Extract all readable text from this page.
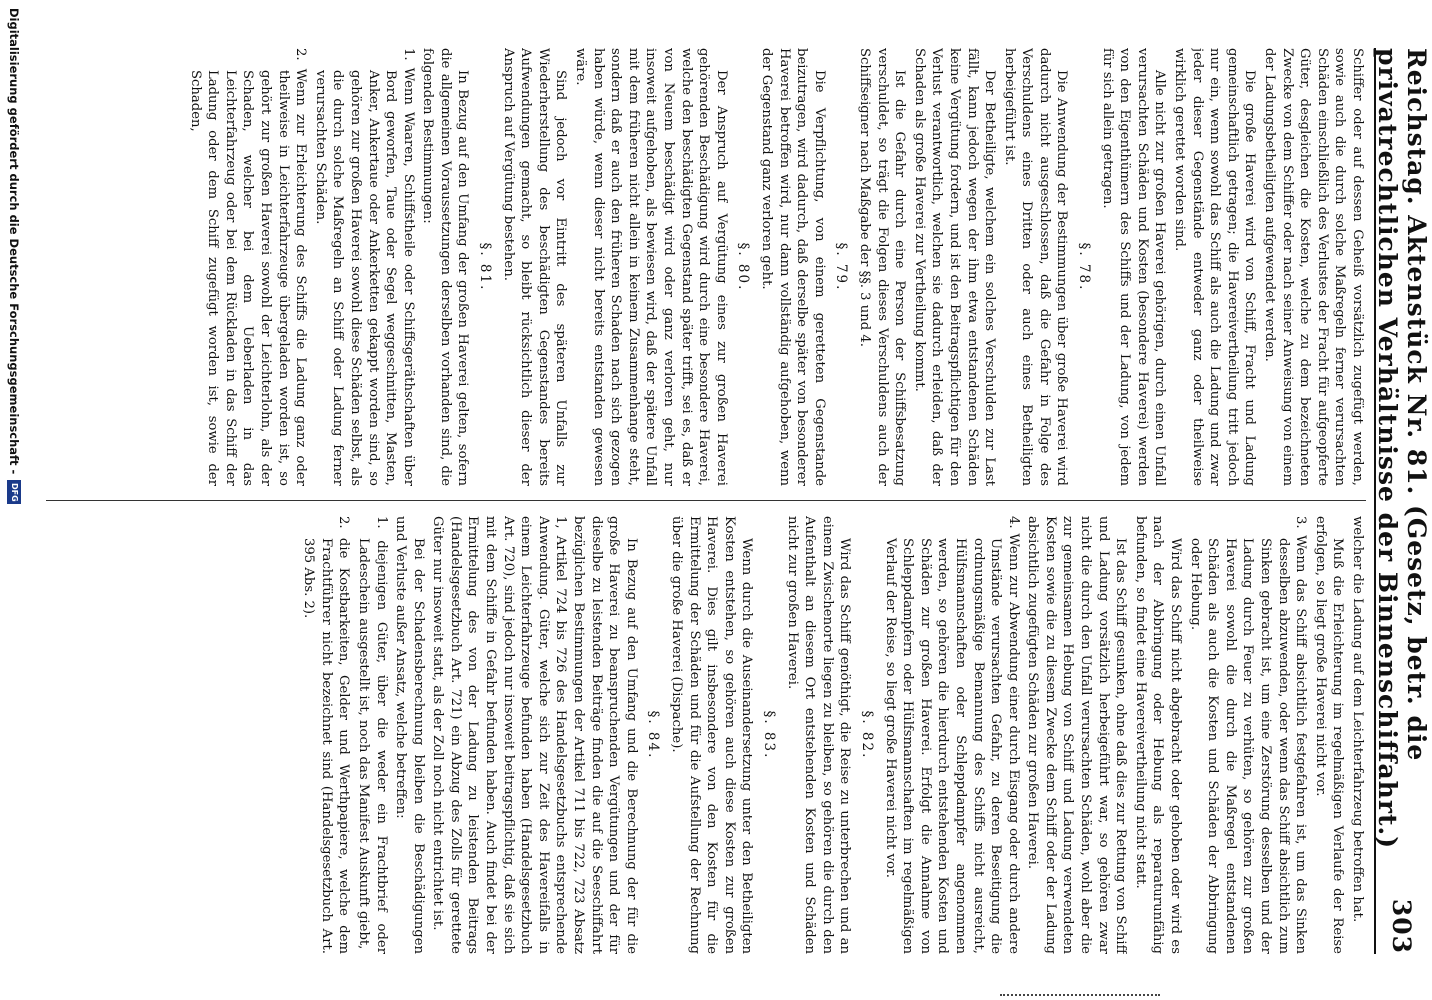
Reichstag. Aktenstück Nr. 81. (Gesetz, betr. die privatrechtlichen Verhältnisse der Binnenschiffahrt.)
303

Schiffer oder auf dessen Geheiß vorsätzlich zugefügt werden, sowie auch die durch solche Maßregeln ferner verursachten Schäden einschließlich des Verlustes der Fracht für aufgeopferte Güter, desgleichen die Kosten, welche zu dem bezeichneten Zwecke von dem Schiffer oder nach seiner Anweisung von einem der Ladungsbetheiligten aufgewendet werden.

Die große Haverei wird von Schiff, Fracht und Ladung gemeinschaftlich getragen; die Havereivertheilung tritt jedoch nur ein, wenn sowohl das Schiff als auch die Ladung und zwar jeder dieser Gegenstände entweder ganz oder theilweise wirklich gerettet worden sind.

Alle nicht zur großen Haverei gehörigen, durch einen Unfall verursachten Schäden und Kosten (besondere Haverei) werden von den Eigenthümern des Schiffs und der Ladung, von jedem für sich allein getragen.

§. 78.

Die Anwendung der Bestimmungen über große Haverei wird dadurch nicht ausgeschlossen, daß die Gefahr in Folge des Verschuldens eines Dritten oder auch eines Betheiligten herbeigeführt ist.

Der Betheiligte, welchem ein solches Verschulden zur Last fällt, kann jedoch wegen der ihm etwa entstandenen Schäden keine Vergütung fordern, und ist den Beitragspflichtigen für den Verlust verantwortlich, welchen sie dadurch erleiden, daß der Schaden als große Haverei zur Vertheilung kommt.

Ist die Gefahr durch eine Person der Schiffsbesatzung verschuldet, so trägt die Folgen dieses Verschuldens auch der Schiffseigner nach Maßgabe der §§. 3 und 4.

§. 79.

Die Verpflichtung, von einem geretteten Gegenstande beizutragen, wird dadurch, daß derselbe später von besonderer Haverei betroffen wird, nur dann vollständig aufgehoben, wenn der Gegenstand ganz verloren geht.

§. 80.

Der Anspruch auf Vergütung eines zur großen Haverei gehörenden Beschädigung wird durch eine besondere Haverei, welche den beschädigten Gegenstand später trifft, sei es, daß er von Neuem beschädigt wird oder ganz verloren geht, nur insoweit aufgehoben, als bewiesen wird, daß der spätere Unfall mit dem früheren nicht allein in keinem Zusammenhange steht, sondern daß er auch den früheren Schaden nach sich gezogen haben würde, wenn dieser nicht bereits entstanden gewesen wäre.

Sind jedoch vor Eintritt des späteren Unfalls zur Wiederherstellung des beschädigten Gegenstandes bereits Aufwendungen gemacht, so bleibt rücksichtlich dieser der Anspruch auf Vergütung bestehen.

§. 81.

In Bezug auf den Umfang der großen Haverei gelten, sofern die allgemeinen Voraussetzungen derselben vorhanden sind, die folgenden Bestimmungen:

1. Wenn Waaren, Schiffstheile oder Schiffsgeräthschaften über Bord geworfen, Taue oder Segel weggeschnitten, Masten, Anker, Ankertaue oder Ankerketten gekappt worden sind, so gehören zur großen Haverei sowohl diese Schäden selbst, als die durch solche Maßregeln an Schiff oder Ladung ferner verursachten Schäden.

2. Wenn zur Erleichterung des Schiffs die Ladung ganz oder theilweise in Leichterfahrzeuge übergeladen worden ist, so gehört zur großen Haverei sowohl der Leichterlohn, als der Schaden, welcher bei dem Ueberladen in das Leichterfahrzeug oder bei dem Rückladen in das Schiff der Ladung oder dem Schiff zugefügt worden ist, sowie der Schaden,

welcher die Ladung auf dem Leichterfahrzeug betroffen hat.

Muß die Erleichterung im regelmäßigen Verlaufe der Reise erfolgen, so liegt große Haverei nicht vor.

3. Wenn das Schiff absichtlich festgefahren ist, um das Sinken desselben abzuwenden, oder wenn das Schiff absichtlich zum Sinken gebracht ist, um eine Zerstörung desselben und der Ladung durch Feuer zu verhüten, so gehören zur großen Haverei sowohl die durch die Maßregel entstandenen Schäden als auch die Kosten und Schäden der Abbringung oder Hebung.

Wird das Schiff nicht abgebracht oder gehoben oder wird es nach der Abbringung oder Hebung als reparaturunfähig befunden, so findet eine Havereivertheilung nicht statt.

Ist das Schiff gesunken, ohne daß dies zur Rettung von Schiff und Ladung vorsätzlich herbeigeführt war, so gehören zwar nicht die durch den Unfall verursachten Schäden, wohl aber die zur gemeinsamen Hebung von Schiff und Ladung verwendeten Kosten sowie die zu diesem Zwecke dem Schiff oder der Ladung absichtlich zugefügten Schäden zur großen Haverei.

4. Wenn zur Abwendung einer durch Eisgang oder durch andere Umstände verursachten Gefahr, zu deren Beseitigung die ordnungsmäßige Bemannung des Schiffs nicht ausreicht, Hülfsmannschaften oder Schleppdampfer angenommen werden, so gehören die hierdurch entstehenden Kosten und Schäden zur großen Haverei. Erfolgt die Annahme von Schleppdampfern oder Hülfsmannschaften im regelmäßigen Verlauf der Reise, so liegt große Haverei nicht vor.

§. 82.

Wird das Schiff genöthigt, die Reise zu unterbrechen und an einem Zwischenorte liegen zu bleiben, so gehören die durch den Aufenthalt an diesem Ort entstehenden Kosten und Schäden nicht zur großen Haverei.

§. 83.

Wenn durch die Auseinandersetzung unter den Betheiligten Kosten entstehen, so gehören auch diese Kosten zur großen Haverei. Dies gilt insbesondere von den Kosten für die Ermittelung der Schäden und für die Aufstellung der Rechnung über die große Haverei (Dispache).

§. 84.

In Bezug auf den Umfang und die Berechnung der für die große Haverei zu beanspruchenden Vergütungen und der für dieselbe zu leistenden Beiträge finden die auf die Seeschiffahrt bezüglichen Bestimmungen der Artikel 711 bis 722, 723 Absatz 1, Artikel 724 bis 726 des Handelsgesetzbuchs entsprechende Anwendung. Güter, welche sich zur Zeit des Havereifalls in einem Leichterfahrzeuge befunden haben (Handelsgesetzbuch Art. 720), sind jedoch nur insoweit beitragspflichtig, daß sie sich mit dem Schiffe in Gefahr befunden haben. Auch findet bei der Ermittelung des von der Ladung zu leistenden Beitrags (Handelsgesetzbuch Art. 721) ein Abzug des Zolls für gerettete Güter nur insoweit statt, als der Zoll noch nicht entrichtet ist.

Bei der Schadensberechnung bleiben die Beschädigungen und Verluste außer Ansatz, welche betreffen:

1. diejenigen Güter, über die weder ein Frachtbrief oder Ladeschein ausgestellt ist, noch das Manifest Auskunft giebt,

2. die Kostbarkeiten, Gelder und Werthpapiere, welche dem Frachtführer nicht bezeichnet sind (Handelsgesetzbuch Art. 395 Abs. 2).

Digitalisierung gefördert durch die Deutsche Forschungsgemeinschaft -
DFG
